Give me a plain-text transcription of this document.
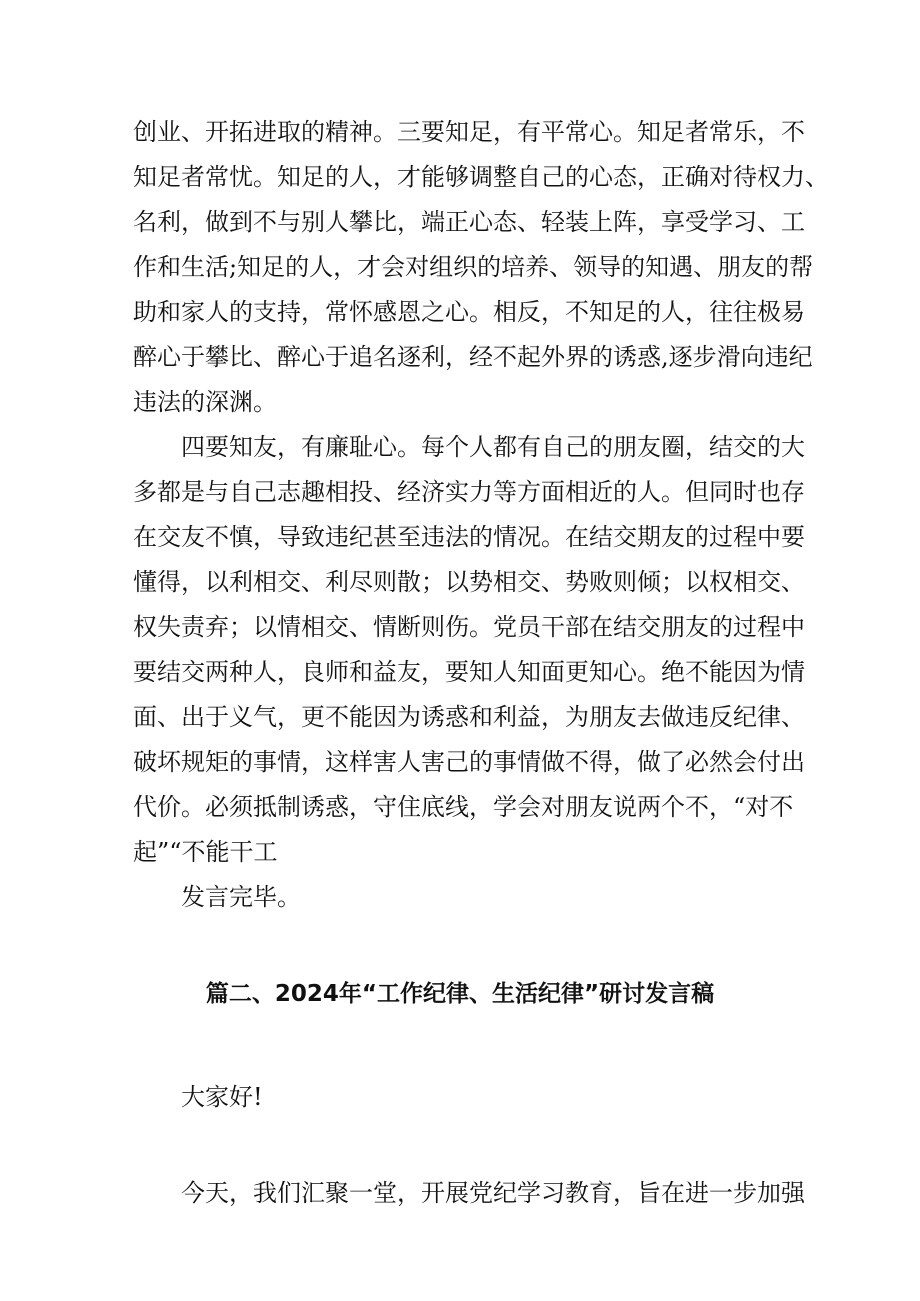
创业、开拓进取的精神。三要知足，有平常心。知足者常乐，不
知足者常忧。知足的人，才能够调整自己的心态，正确对待权力、
名利，做到不与别人攀比，端正心态、轻装上阵，享受学习、工
作和生活;知足的人，才会对组织的培养、领导的知遇、朋友的帮
助和家人的支持，常怀感恩之心。相反，不知足的人，往往极易
醉心于攀比、醉心于追名逐利，经不起外界的诱惑,逐步滑向违纪
违法的深渊。
四要知友，有廉耻心。每个人都有自己的朋友圈，结交的大
多都是与自己志趣相投、经济实力等方面相近的人。但同时也存
在交友不慎，导致违纪甚至违法的情况。在结交期友的过程中要
懂得，以利相交、利尽则散；以势相交、势败则倾；以权相交、
权失责弃；以情相交、情断则伤。党员干部在结交朋友的过程中
要结交两种人，良师和益友，要知人知面更知心。绝不能因为情
面、出于义气，更不能因为诱惑和利益，为朋友去做违反纪律、
破坏规矩的事情，这样害人害己的事情做不得，做了必然会付出
代价。必须抵制诱惑，守住底线，学会对朋友说两个不，“对不
起”“不能干工
发言完毕。
篇二、2024年“工作纪律、生活纪律”研讨发言稿
大家好!
今天，我们汇聚一堂，开展党纪学习教育，旨在进一步加强
